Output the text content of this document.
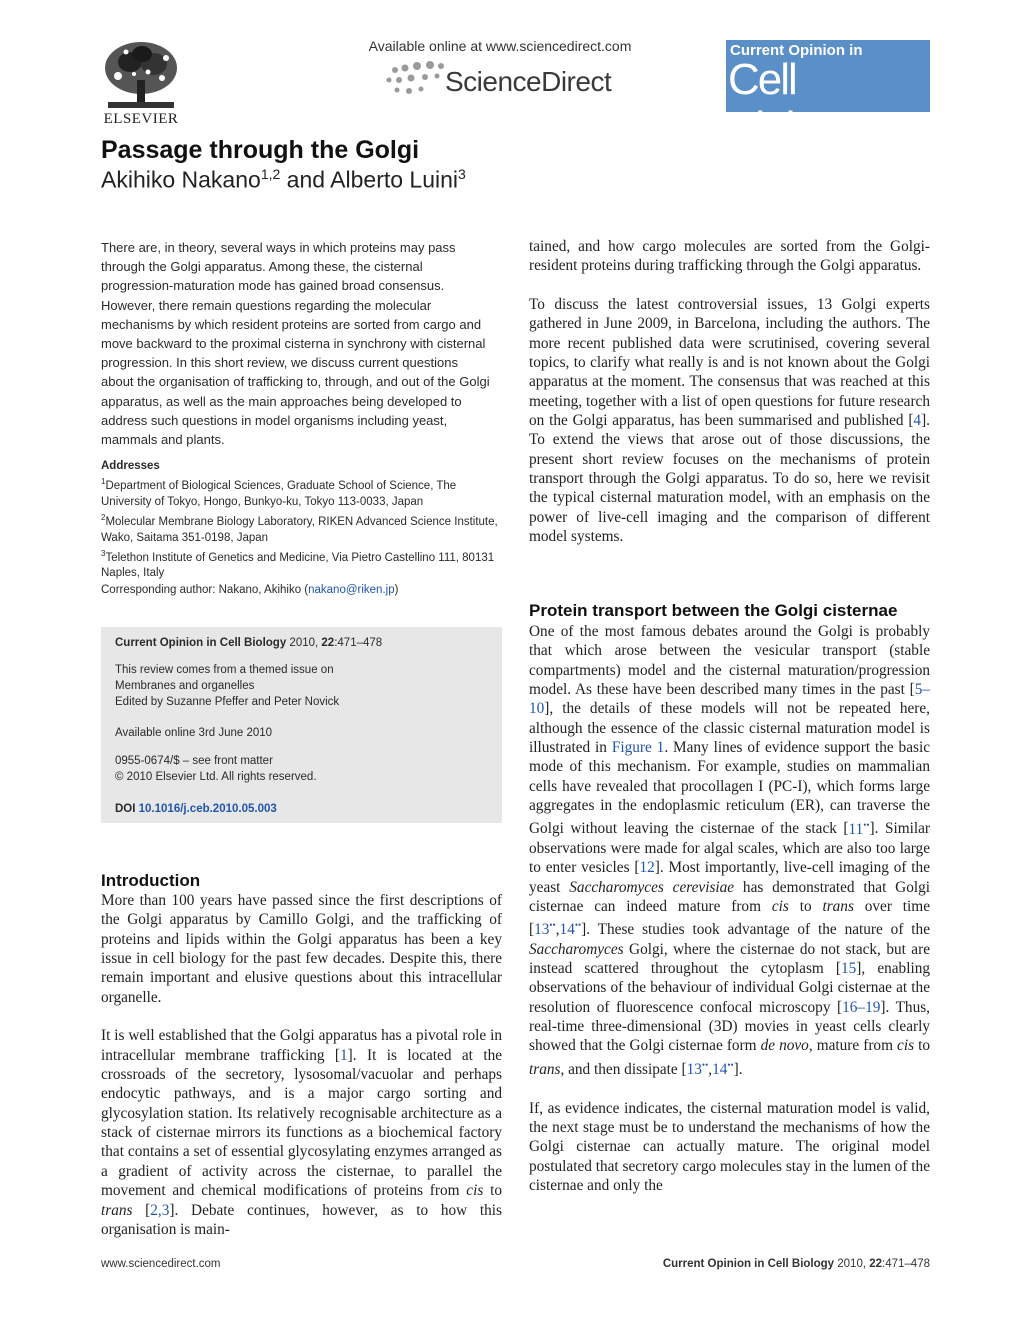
ELSEVIER
Available online at www.sciencedirect.com
ScienceDirect
Current Opinion in
Cell Biology
Passage through the Golgi
Akihiko Nakano$^{1,2}$ and Alberto Luini$^3$
There are, in theory, several ways in which proteins may pass through the Golgi apparatus. Among these, the cisternal progression-maturation mode has gained broad consensus. However, there remain questions regarding the molecular mechanisms by which resident proteins are sorted from cargo and move backward to the proximal cisterna in synchrony with cisternal progression. In this short review, we discuss current questions about the organisation of trafficking to, through, and out of the Golgi apparatus, as well as the main approaches being developed to address such questions in model organisms including yeast, mammals and plants.
Addresses
$^1$Department of Biological Sciences, Graduate School of Science, The University of Tokyo, Hongo, Bunkyo-ku, Tokyo 113-0033, Japan
$^2$Molecular Membrane Biology Laboratory, RIKEN Advanced Science Institute, Wako, Saitama 351-0198, Japan
$^3$Telethon Institute of Genetics and Medicine, Via Pietro Castellino 111, 80131 Naples, Italy
Corresponding author: Nakano, Akihiko (nakano@riken.jp)
Current Opinion in Cell Biology 2010, 22:471–478
This review comes from a themed issue on
Membranes and organelles
Edited by Suzanne Pfeffer and Peter Novick
Available online 3rd June 2010
0955-0674/$ – see front matter
© 2010 Elsevier Ltd. All rights reserved.
DOI 10.1016/j.ceb.2010.05.003
Introduction

More than 100 years have passed since the first descriptions of the Golgi apparatus by Camillo Golgi, and the trafficking of proteins and lipids within the Golgi apparatus has been a key issue in cell biology for the past few decades. Despite this, there remain important and elusive questions about this intracellular organelle.

It is well established that the Golgi apparatus has a pivotal role in intracellular membrane trafficking [1]. It is located at the crossroads of the secretory, lysosomal/vacuolar and perhaps endocytic pathways, and is a major cargo sorting and glycosylation station. Its relatively recognisable architecture as a stack of cisternae mirrors its functions as a biochemical factory that contains a set of essential glycosylating enzymes arranged as a gradient of activity across the cisternae, to parallel the movement and chemical modifications of proteins from cis to trans [2,3]. Debate continues, however, as to how this organisation is main-

tained, and how cargo molecules are sorted from the Golgi-resident proteins during trafficking through the Golgi apparatus.

To discuss the latest controversial issues, 13 Golgi experts gathered in June 2009, in Barcelona, including the authors. The more recent published data were scrutinised, covering several topics, to clarify what really is and is not known about the Golgi apparatus at the moment. The consensus that was reached at this meeting, together with a list of open questions for future research on the Golgi apparatus, has been summarised and published [4]. To extend the views that arose out of those discussions, the present short review focuses on the mechanisms of protein transport through the Golgi apparatus. To do so, here we revisit the typical cisternal maturation model, with an emphasis on the power of live-cell imaging and the comparison of different model systems.

Protein transport between the Golgi cisternae

One of the most famous debates around the Golgi is probably that which arose between the vesicular transport (stable compartments) model and the cisternal maturation/progression model. As these have been described many times in the past [5–10], the details of these models will not be repeated here, although the essence of the classic cisternal maturation model is illustrated in Figure 1. Many lines of evidence support the basic mode of this mechanism. For example, studies on mammalian cells have revealed that procollagen I (PC-I), which forms large aggregates in the endoplasmic reticulum (ER), can traverse the Golgi without leaving the cisternae of the stack [11••]. Similar observations were made for algal scales, which are also too large to enter vesicles [12]. Most importantly, live-cell imaging of the yeast Saccharomyces cerevisiae has demonstrated that Golgi cisternae can indeed mature from cis to trans over time [13••,14••]. These studies took advantage of the nature of the Saccharomyces Golgi, where the cisternae do not stack, but are instead scattered throughout the cytoplasm [15], enabling observations of the behaviour of individual Golgi cisternae at the resolution of fluorescence confocal microscopy [16–19]. Thus, real-time three-dimensional (3D) movies in yeast cells clearly showed that the Golgi cisternae form de novo, mature from cis to trans, and then dissipate [13••,14••].

If, as evidence indicates, the cisternal maturation model is valid, the next stage must be to understand the mechanisms of how the Golgi cisternae can actually mature. The original model postulated that secretory cargo molecules stay in the lumen of the cisternae and only the

www.sciencedirect.com	Current Opinion in Cell Biology 2010, 22:471–478
